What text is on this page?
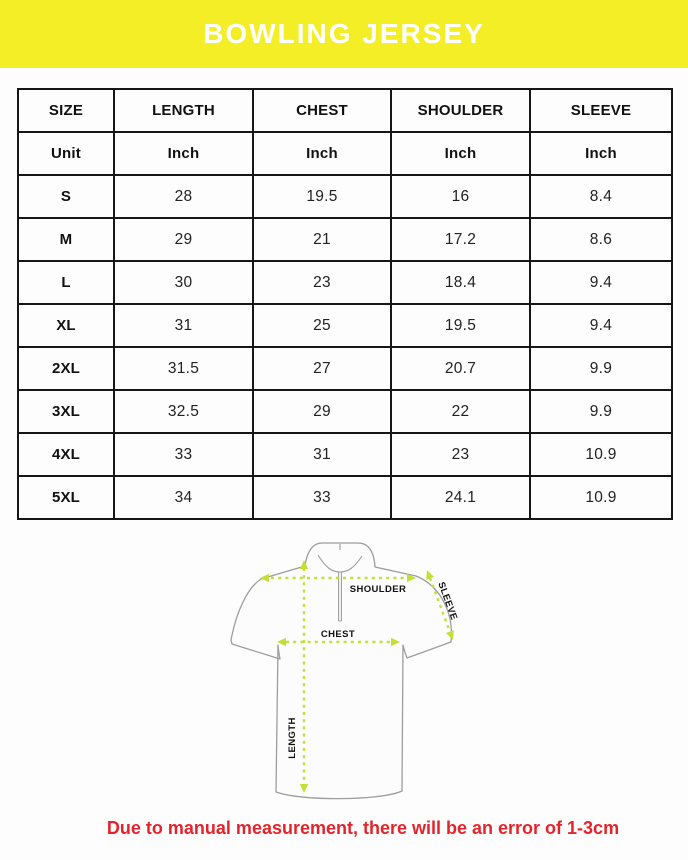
BOWLING JERSEY
SIZE	LENGTH	CHEST	SHOULDER	SLEEVE
Unit	Inch	Inch	Inch	Inch
S	28	19.5	16	8.4
M	29	21	17.2	8.6
L	30	23	18.4	9.4
XL	31	25	19.5	9.4
2XL	31.5	27	20.7	9.9
3XL	32.5	29	22	9.9
4XL	33	31	23	10.9
5XL	34	33	24.1	10.9
SHOULDER
CHEST
SLEEVE
LENGTH

Due to manual measurement, there will be an error of 1-3cm
